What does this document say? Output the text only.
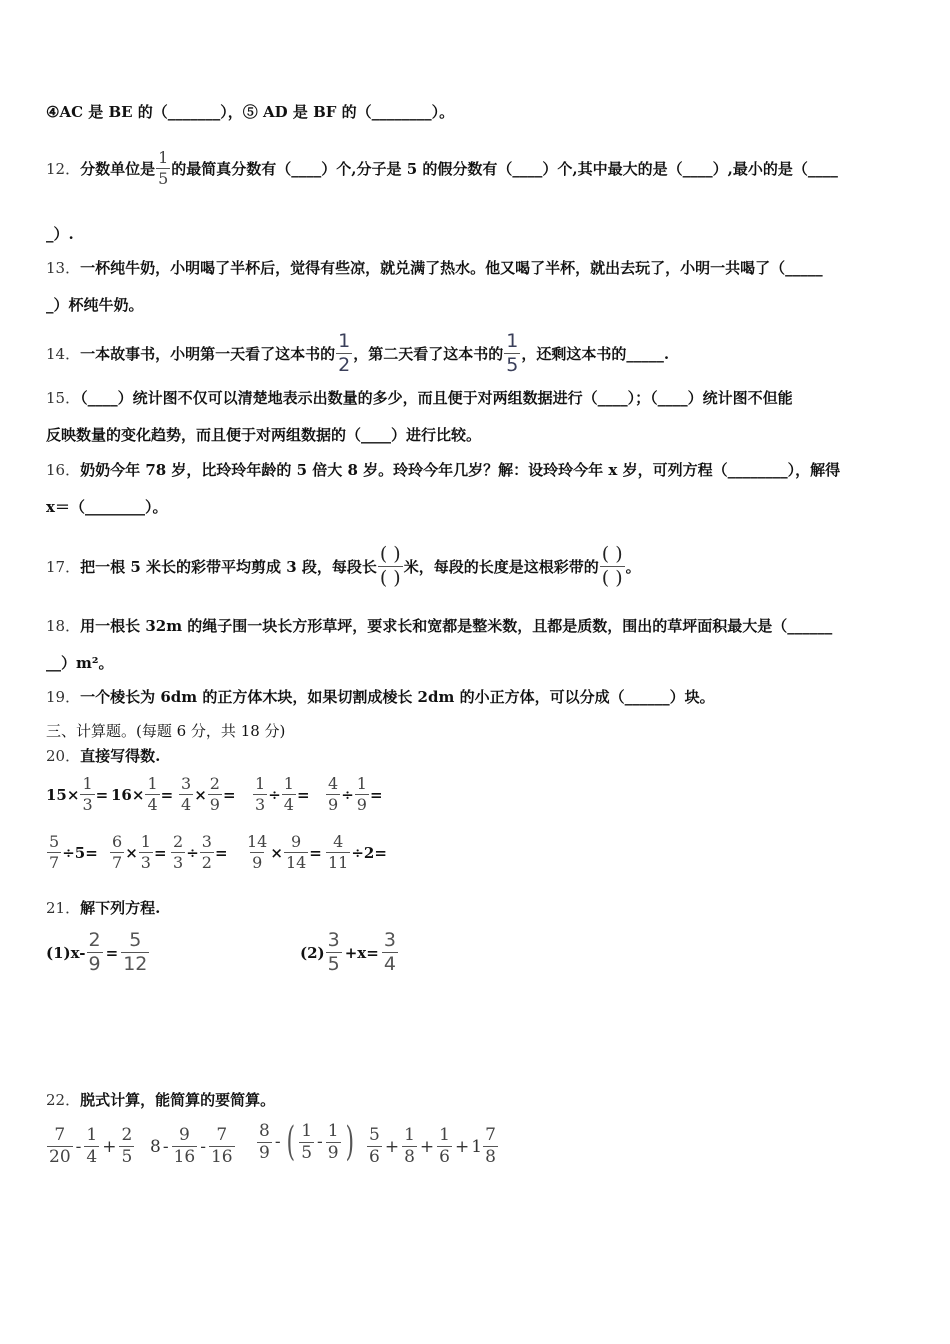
④AC 是 BE 的（_______），⑤ AD 是 BF 的（________）。
12． 分数单位是 $\frac{1}{5}$ 的最简真分数有（____）个,分子是 5 的假分数有（____）个,其中最大的是（____）,最小的是（____
_）.
13．一杯纯牛奶，小明喝了半杯后，觉得有些凉，就兑满了热水。他又喝了半杯，就出去玩了，小明一共喝了（_____
_）杯纯牛奶。
14． 一本故事书，小明第一天看了这本书的 $\frac{1}{2}$ ，第二天看了这本书的 $\frac{1}{5}$ ，还剩这本书的_____.
15．（____）统计图不仅可以清楚地表示出数量的多少，而且便于对两组数据进行（____）；（____）统计图不但能
反映数量的变化趋势，而且便于对两组数据的（____）进行比较。
16．奶奶今年 78 岁，比玲玲年龄的 5 倍大 8 岁。玲玲今年几岁？解：设玲玲今年 x 岁，可列方程（________），解得
x＝（________）。
17． 把一根 5 米长的彩带平均剪成 3 段，每段长
( )
( )
米，每段的长度是这根彩带的
( )
( )
。
18．用一根长 32m 的绳子围一块长方形草坪，要求长和宽都是整米数，且都是质数，围出的草坪面积最大是（______
__）m²。
19．一个棱长为 6dm 的正方体木块，如果切割成棱长 2dm 的小正方体，可以分成（______）块。
三、计算题。(每题 6 分，共 18 分)
20．直接写得数.
$15\times \frac{1}{3} = 16\times \frac{1}{4} = \frac{3}{4} \times \frac{2}{9} = \frac{1}{3} \div \frac{1}{4} = \frac{4}{9} \div \frac{1}{9}$ =
$\frac{5}{7} \div 5= \frac{6}{7} \times \frac{1}{3} = \frac{2}{3} \div \frac{3}{2} = \frac{14}{9} \times \frac{9}{14} = \frac{4}{11} \div 2=$
21．解下列方程.
$(1)x- \frac{2}{9} = \frac{5}{12}$	$(2) \frac{3}{5} +x= \frac{3}{4}$
22．脱式计算，能简算的要简算。
$\frac{7}{20} - \frac{1}{4} + \frac{2}{5} 8 - \frac{9}{16} - \frac{7}{16} \frac{8}{9}$ - ( $\frac{1}{5} - \frac{1}{9}$ ) $\frac{5}{6} + \frac{1}{8} + \frac{1}{6} + 1 \frac{7}{8}$
